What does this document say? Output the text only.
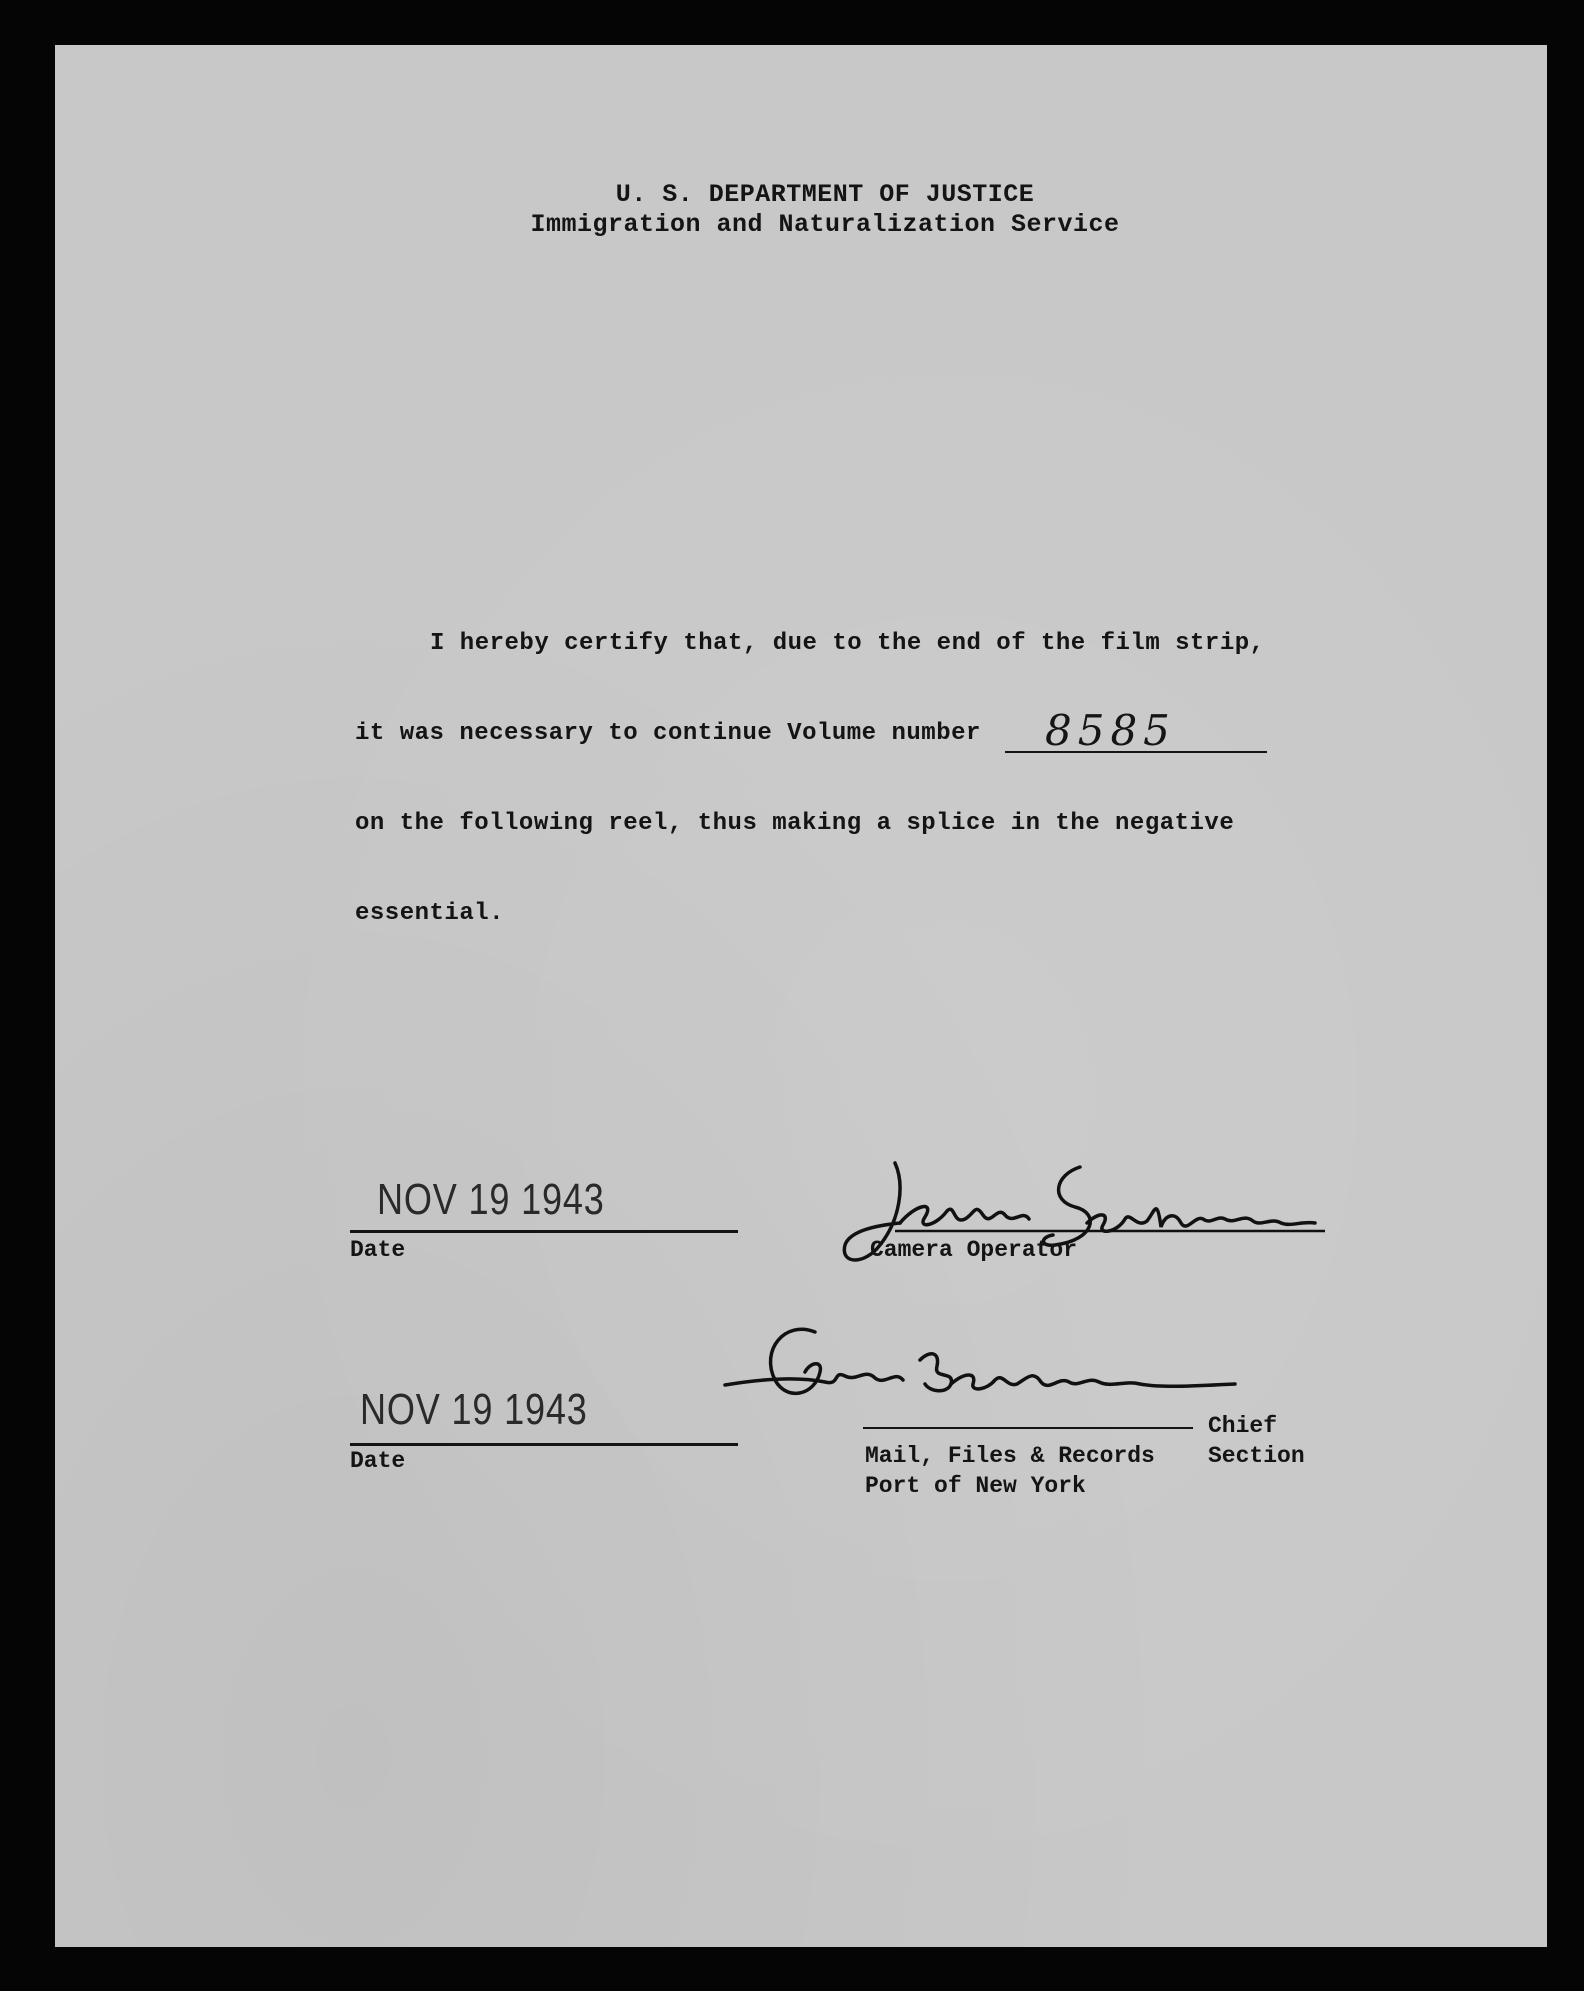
U. S. DEPARTMENT OF JUSTICE
Immigration and Naturalization Service
I hereby certify that, due to the end of the film strip,
it was necessary to continue Volume number 8585
on the following reel, thus making a splice in the negative
essential.
NOV 19 1943
Date	Camera Operator
NOV 19 1943
Date
Chief
Mail, Files & Records Section
Port of New York
